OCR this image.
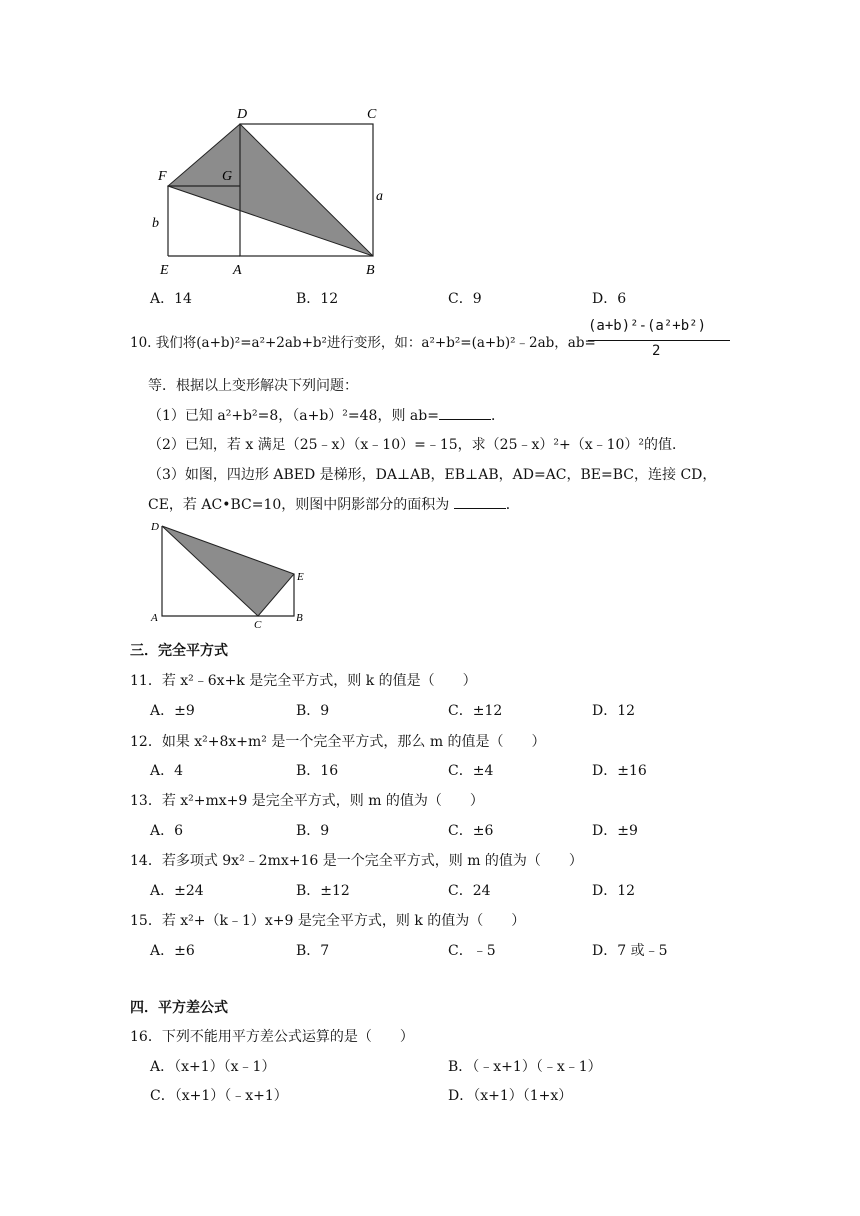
D	C
F	G
a
b
E	A	B
A．14	B．12	C．9	D．6
10. 我们将(a+b)²=a²+2ab+b²进行变形，如：a²+b²=(a+b)²﹣2ab，ab=
(a+b)²-(a²+b²)
2
等．根据以上变形解决下列问题：
（1）已知 a²+b²=8，（a+b）²=48，则 ab=	．
（2）已知，若 x 满足（25﹣x）（x﹣10）=﹣15，求（25﹣x）²+（x﹣10）²的值．
（3）如图，四边形 ABED 是梯形，DA⊥AB，EB⊥AB，AD=AC，BE=BC，连接 CD，
CE，若 AC•BC=10，则图中阴影部分的面积为	．
D
E
A
C
B
三．完全平方式
11．若 x²﹣6x+k 是完全平方式，则 k 的值是（　　）
A．±9	B．9	C．±12	D．12
12．如果 x²+8x+m² 是一个完全平方式，那么 m 的值是（　　）
A．4	B．16	C．±4	D．±16
13．若 x²+mx+9 是完全平方式，则 m 的值为（　　）
A．6	B．9	C．±6	D．±9
14．若多项式 9x²﹣2mx+16 是一个完全平方式，则 m 的值为（　　）
A．±24	B．±12	C．24	D．12
15．若 x²+（k﹣1）x+9 是完全平方式，则 k 的值为（　　）
A．±6	B．7	C．﹣5	D．7 或﹣5
四．平方差公式
16．下列不能用平方差公式运算的是（　　）
A．（x+1）（x﹣1）	B．（﹣x+1）（﹣x﹣1）
C．（x+1）（﹣x+1）	D．（x+1）（1+x）
